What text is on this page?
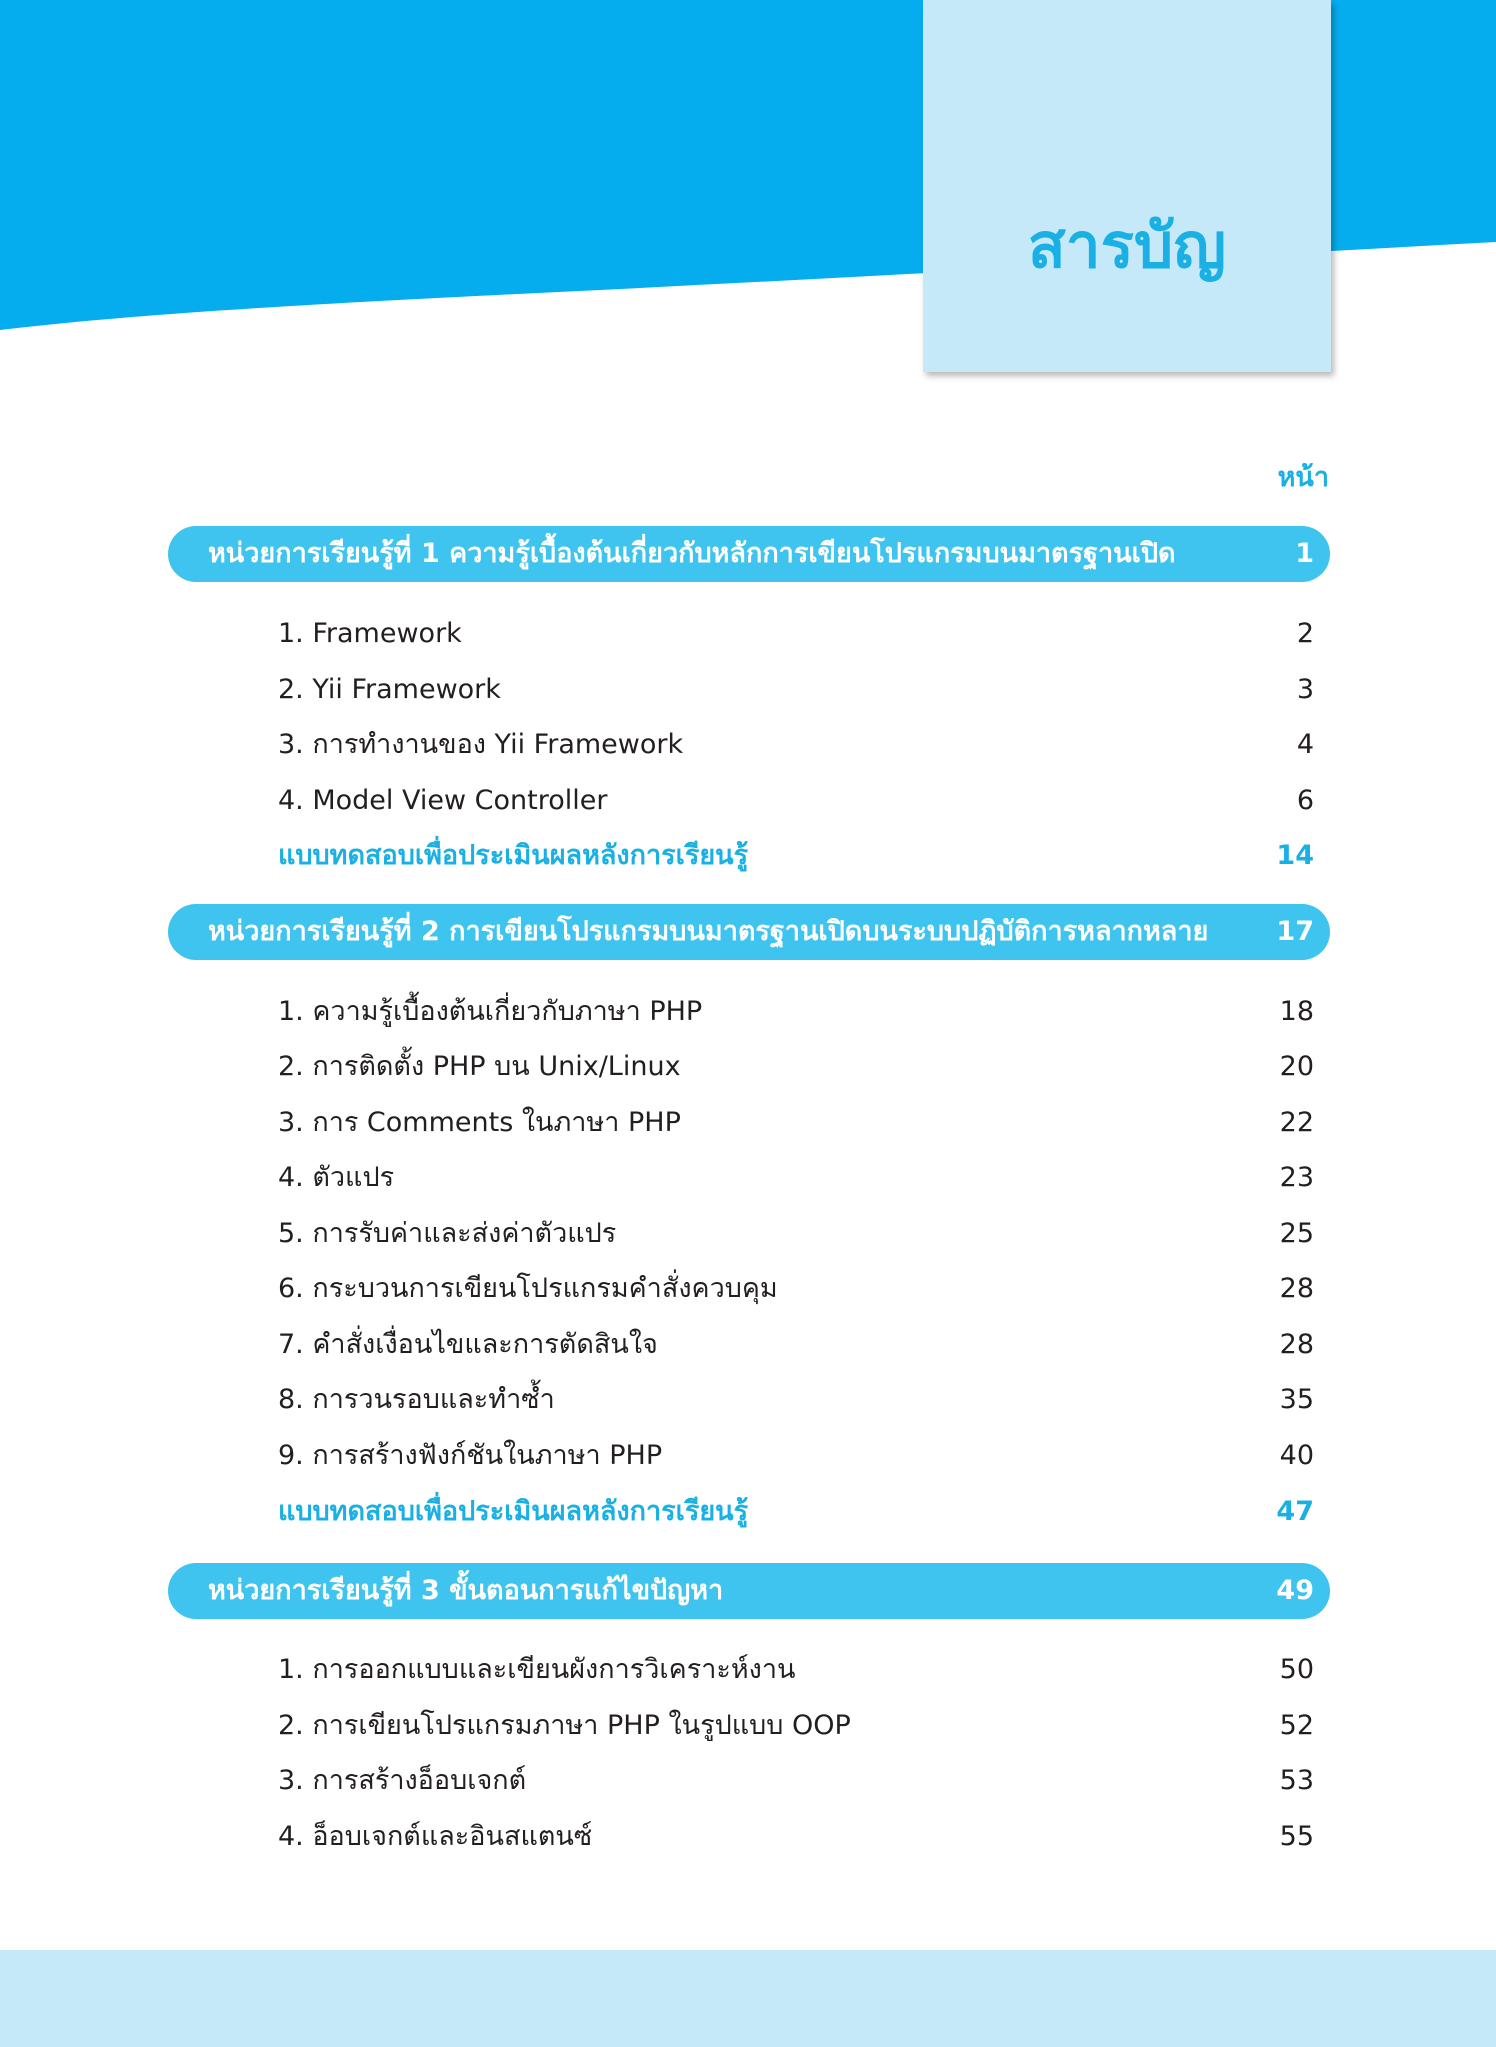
สารบัญ
หน้า
หน่วยการเรียนรู้ที่ 1 ความรู้เบื้องต้นเกี่ยวกับหลักการเขียนโปรแกรมบนมาตรฐานเปิด	1
1. Framework	2
2. Yii Framework	3
3. การทำงานของ Yii Framework	4
4. Model View Controller	6
แบบทดสอบเพื่อประเมินผลหลังการเรียนรู้	14
หน่วยการเรียนรู้ที่ 2 การเขียนโปรแกรมบนมาตรฐานเปิดบนระบบปฏิบัติการหลากหลาย	17
1. ความรู้เบื้องต้นเกี่ยวกับภาษา PHP	18
2. การติดตั้ง PHP บน Unix/Linux	20
3. การ Comments ในภาษา PHP	22
4. ตัวแปร	23
5. การรับค่าและส่งค่าตัวแปร	25
6. กระบวนการเขียนโปรแกรมคำสั่งควบคุม	28
7. คำสั่งเงื่อนไขและการตัดสินใจ	28
8. การวนรอบและทำซ้ำ	35
9. การสร้างฟังก์ชันในภาษา PHP	40
แบบทดสอบเพื่อประเมินผลหลังการเรียนรู้	47
หน่วยการเรียนรู้ที่ 3 ขั้นตอนการแก้ไขปัญหา	49
1. การออกแบบและเขียนผังการวิเคราะห์งาน	50
2. การเขียนโปรแกรมภาษา PHP ในรูปแบบ OOP	52
3. การสร้างอ็อบเจกต์	53
4. อ็อบเจกต์และอินสแตนซ์	55
